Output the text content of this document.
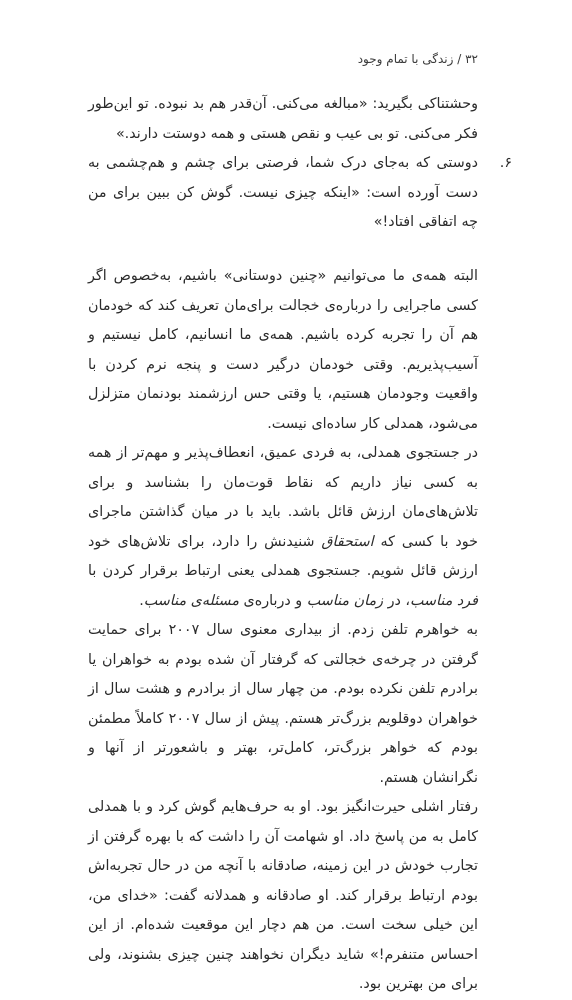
۳۲ / زندگی با تمام وجود

وحشتناکی بگیرید: «مبالغه می‌کنی. آن‌قدر هم بد نبوده. تو این‌طور فکر می‌کنی. تو بی عیب و نقص هستی و همه دوستت دارند.»

۶.
دوستی که به‌جای درک شما، فرصتی برای چشم و هم‌چشمی به دست آورده است: «اینکه چیزی نیست. گوش کن ببین برای من چه اتفاقی افتاد!»

البته همه‌ی ما می‌توانیم «چنین دوستانی» باشیم، به‌خصوص اگر کسی ماجرایی را درباره‌ی خجالت برای‌مان تعریف کند که خودمان هم آن را تجربه کرده باشیم. همه‌ی ما انسانیم، کامل نیستیم و آسیب‌پذیریم. وقتی خودمان درگیر دست و پنجه نرم کردن با واقعیت وجودمان هستیم، یا وقتی حس ارزشمند بودنمان متزلزل می‌شود، همدلی کار ساده‌ای نیست.

در جستجوی همدلی، به فردی عمیق، انعطاف‌پذیر و مهم‌تر از همه به کسی نیاز داریم که نقاط قوت‌مان را بشناسد و برای تلاش‌های‌مان ارزش قائل باشد. باید با در میان گذاشتن ماجرای خود با کسی که استحقاق شنیدنش را دارد، برای تلاش‌های خود ارزش قائل شویم. جستجوی همدلی یعنی ارتباط برقرار کردن با فرد مناسب، در زمان مناسب و درباره‌ی مسئله‌ی مناسب.

به خواهرم تلفن زدم. از بیداری معنوی سال ۲۰۰۷ برای حمایت گرفتن در چرخه‌ی خجالتی که گرفتار آن شده بودم به خواهران یا برادرم تلفن نکرده بودم. من چهار سال از برادرم و هشت سال از خواهران دوقلویم بزرگ‌تر هستم. پیش از سال ۲۰۰۷ کاملاً مطمئن بودم که خواهر بزرگ‌تر، کامل‌تر، بهتر و باشعورتر از آنها و نگرانشان هستم.

رفتار اشلی حیرت‌انگیز بود. او به حرف‌هایم گوش کرد و با همدلی کامل به من پاسخ داد. او شهامت آن را داشت که با بهره گرفتن از تجارب خودش در این زمینه، صادقانه با آنچه من در حال تجربه‌اش بودم ارتباط برقرار کند. او صادقانه و همدلانه گفت: «خدای من، این خیلی سخت است. من هم دچار این موقعیت شده‌ام. از این احساس متنفرم!» شاید دیگران نخواهند چنین چیزی بشنوند، ولی برای من بهترین بود.
